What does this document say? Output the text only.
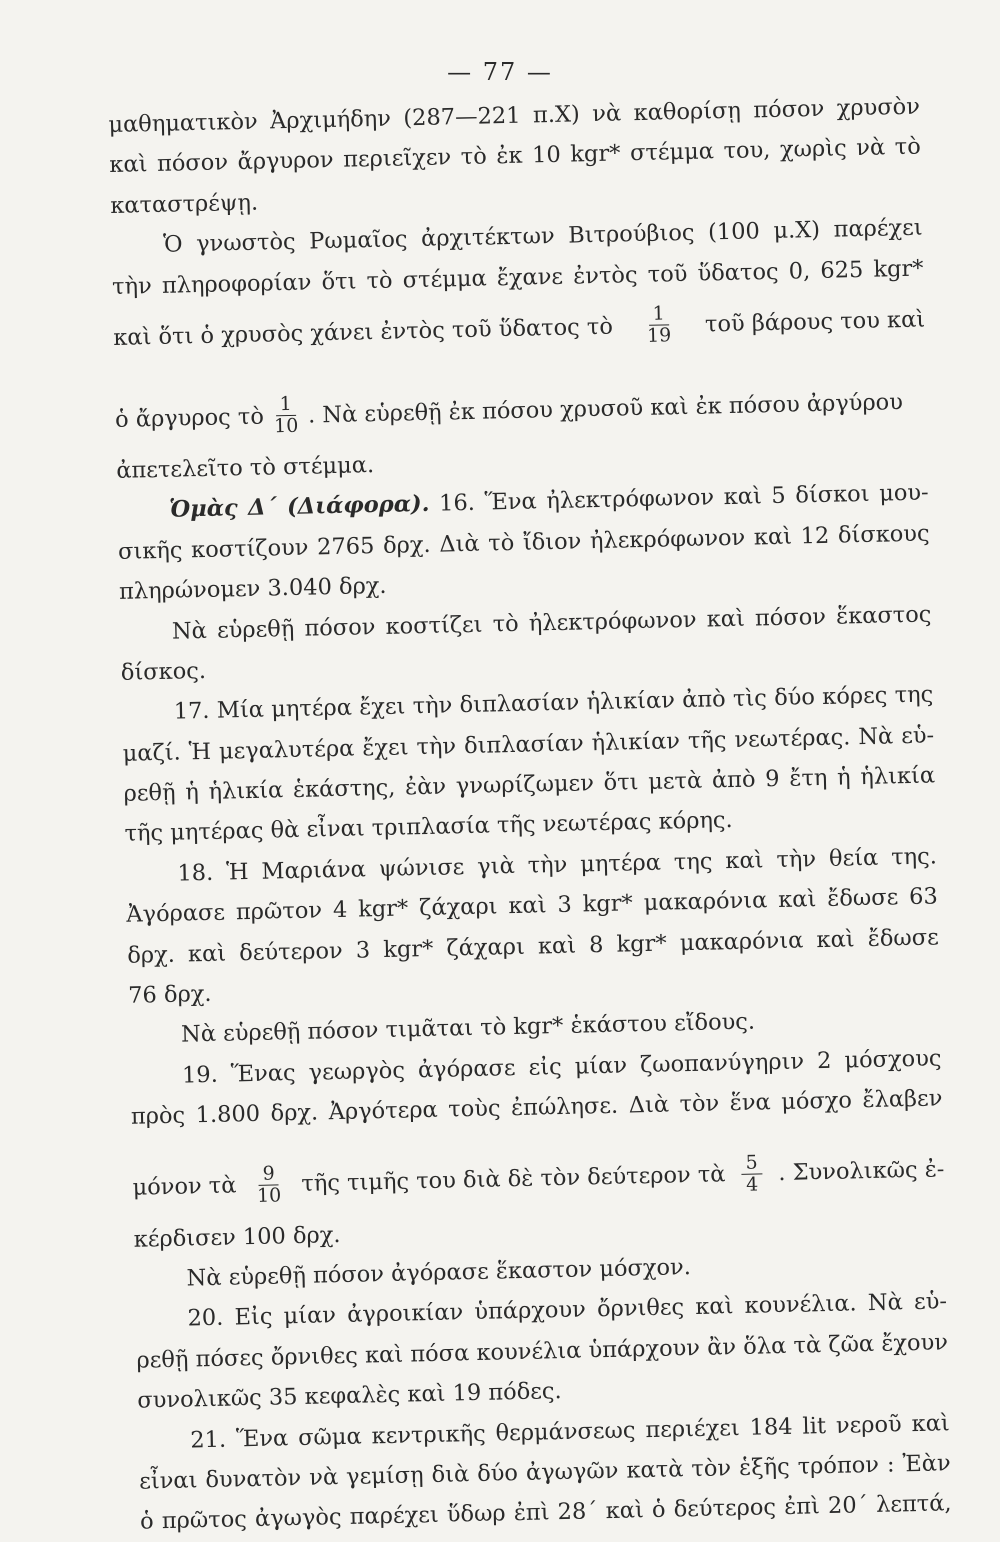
— 77 —
μαθηματικὸν Ἀρχιμήδην (287—221 π.Χ) νὰ καθορίσῃ πόσον χρυσὸν
καὶ πόσον ἄργυρον περιεῖχεν τὸ ἐκ 10 kgr* στέμμα του, χωρὶς νὰ τὸ
καταστρέψῃ.
Ὁ γνωστὸς Ρωμαῖος ἀρχιτέκτων Βιτρούβιος (100 μ.Χ) παρέχει
τὴν πληροφορίαν ὅτι τὸ στέμμα ἔχανε ἐντὸς τοῦ ὕδατος 0, 625 kgr*
καὶ ὅτι ὁ χρυσὸς χάνει ἐντὸς τοῦ ὕδατος τὸ $\frac{1}{19}$ τοῦ βάρους του καὶ
ὁ ἄργυρος τὸ $\frac{1}{10}$ . Νὰ εὑρεθῇ ἐκ πόσου χρυσοῦ καὶ ἐκ πόσου ἀργύρου
ἀπετελεῖτο τὸ στέμμα.
Ὁμὰς Δ΄ (Διάφορα). 16. Ἕνα ἠλεκτρόφωνον καὶ 5 δίσκοι μου-
σικῆς κοστίζουν 2765 δρχ. Διὰ τὸ ἴδιον ἠλεκρόφωνον καὶ 12 δίσκους
πληρώνομεν 3.040 δρχ.
Νὰ εὑρεθῇ πόσον κοστίζει τὸ ἠλεκτρόφωνον καὶ πόσον ἕκαστος
δίσκος.
17. Μία μητέρα ἔχει τὴν διπλασίαν ἡλικίαν ἀπὸ τὶς δύο κόρες της
μαζί. Ἡ μεγαλυτέρα ἔχει τὴν διπλασίαν ἡλικίαν τῆς νεωτέρας. Νὰ εὑ-
ρεθῇ ἡ ἡλικία ἑκάστης, ἐὰν γνωρίζωμεν ὅτι μετὰ ἀπὸ 9 ἔτη ἡ ἡλικία
τῆς μητέρας θὰ εἶναι τριπλασία τῆς νεωτέρας κόρης.
18. Ἡ Μαριάνα ψώνισε γιὰ τὴν μητέρα της καὶ τὴν θεία της.
Ἀγόρασε πρῶτον 4 kgr* ζάχαρι καὶ 3 kgr* μακαρόνια καὶ ἔδωσε 63
δρχ. καὶ δεύτερον 3 kgr* ζάχαρι καὶ 8 kgr* μακαρόνια καὶ ἔδωσε
76 δρχ.
Νὰ εὑρεθῇ πόσον τιμᾶται τὸ kgr* ἑκάστου εἴδους.
19. Ἕνας γεωργὸς ἀγόρασε εἰς μίαν ζωοπανύγηριν 2 μόσχους
πρὸς 1.800 δρχ. Ἀργότερα τοὺς ἐπώλησε. Διὰ τὸν ἕνα μόσχο ἔλαβεν
μόνον τὰ $\frac{9}{10}$ τῆς τιμῆς του διὰ δὲ τὸν δεύτερον τὰ $\frac{5}{4}$ . Συνολικῶς ἐ-
κέρδισεν 100 δρχ.
Νὰ εὑρεθῇ πόσον ἀγόρασε ἕκαστον μόσχον.
20. Εἰς μίαν ἀγροικίαν ὑπάρχουν ὄρνιθες καὶ κουνέλια. Νὰ εὑ-
ρεθῇ πόσες ὄρνιθες καὶ πόσα κουνέλια ὑπάρχουν ἂν ὅλα τὰ ζῶα ἔχουν
συνολικῶς 35 κεφαλὲς καὶ 19 πόδες.
21. Ἕνα σῶμα κεντρικῆς θερμάνσεως περιέχει 184 lit νεροῦ καὶ
εἶναι δυνατὸν νὰ γεμίσῃ διὰ δύο ἀγωγῶν κατὰ τὸν ἑξῆς τρόπον : Ἐὰν
ὁ πρῶτος ἀγωγὸς παρέχει ὕδωρ ἐπὶ 28΄ καὶ ὁ δεύτερος ἐπὶ 20΄ λεπτά,
